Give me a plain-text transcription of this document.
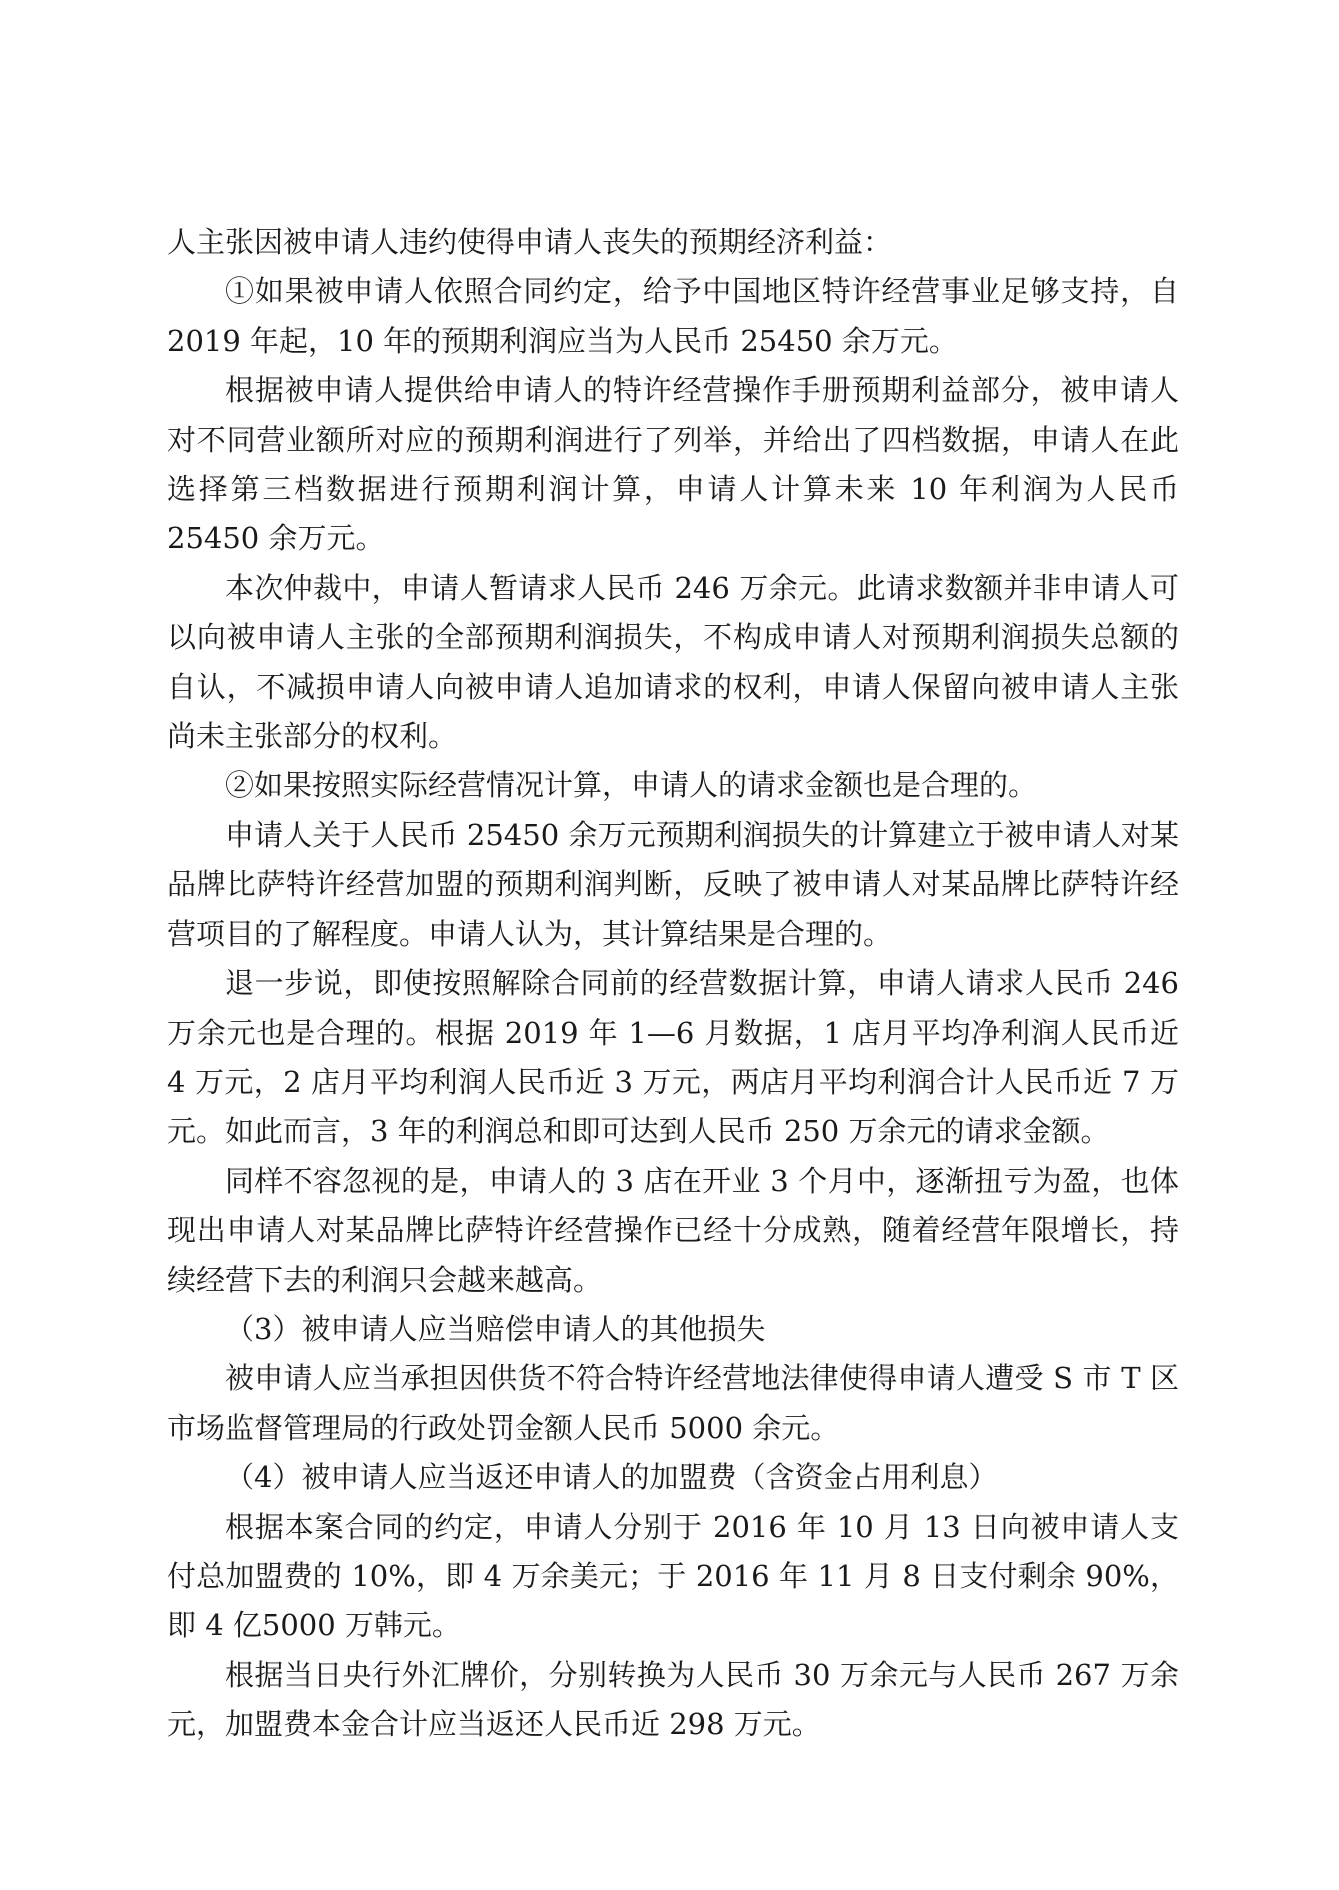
人主张因被申请人违约使得申请人丧失的预期经济利益：

①如果被申请人依照合同约定，给予中国地区特许经营事业足够支持，自2019 年起，10 年的预期利润应当为人民币 25450 余万元。

根据被申请人提供给申请人的特许经营操作手册预期利益部分，被申请人对不同营业额所对应的预期利润进行了列举，并给出了四档数据，申请人在此选择第三档数据进行预期利润计算，申请人计算未来 10 年利润为人民币 25450 余万元。

本次仲裁中，申请人暂请求人民币 246 万余元。此请求数额并非申请人可以向被申请人主张的全部预期利润损失，不构成申请人对预期利润损失总额的自认，不减损申请人向被申请人追加请求的权利，申请人保留向被申请人主张尚未主张部分的权利。

②如果按照实际经营情况计算，申请人的请求金额也是合理的。

申请人关于人民币 25450 余万元预期利润损失的计算建立于被申请人对某品牌比萨特许经营加盟的预期利润判断，反映了被申请人对某品牌比萨特许经营项目的了解程度。申请人认为，其计算结果是合理的。

退一步说，即使按照解除合同前的经营数据计算，申请人请求人民币 246 万余元也是合理的。根据 2019 年 1—6 月数据，1 店月平均净利润人民币近 4 万元，2 店月平均利润人民币近 3 万元，两店月平均利润合计人民币近 7 万元。如此而言，3 年的利润总和即可达到人民币 250 万余元的请求金额。

同样不容忽视的是，申请人的 3 店在开业 3 个月中，逐渐扭亏为盈，也体现出申请人对某品牌比萨特许经营操作已经十分成熟，随着经营年限增长，持续经营下去的利润只会越来越高。

（3）被申请人应当赔偿申请人的其他损失

被申请人应当承担因供货不符合特许经营地法律使得申请人遭受 S 市 T 区市场监督管理局的行政处罚金额人民币 5000 余元。

（4）被申请人应当返还申请人的加盟费（含资金占用利息）

根据本案合同的约定，申请人分别于 2016 年 10 月 13 日向被申请人支付总加盟费的 10%，即 4 万余美元；于 2016 年 11 月 8 日支付剩余 90%，即 4 亿5000 万韩元。

根据当日央行外汇牌价，分别转换为人民币 30 万余元与人民币 267 万余元，加盟费本金合计应当返还人民币近 298 万元。
